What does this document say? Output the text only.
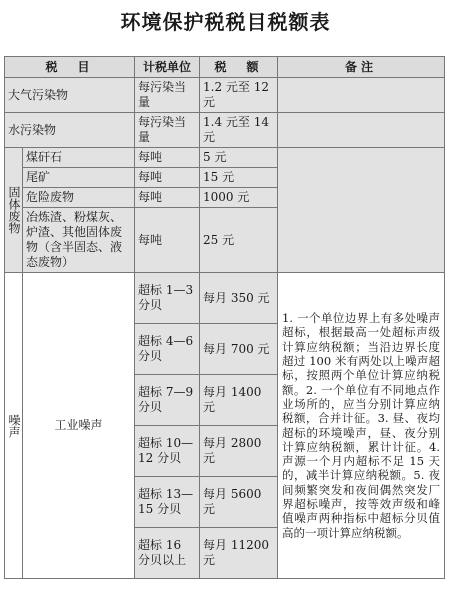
环境保护税税目税额表
税　目		计税单位	税　额	备注
大气污染物		每污染当量	1.2 元至 12 元	
水污染物		每污染当量	1.4 元至 14 元	
固体废物	煤矸石	每吨	5 元	
	尾矿	每吨	15 元	
	危险废物	每吨	1000 元	
	冶炼渣、粉煤灰、炉渣、其他固体废物（含半固态、液态废物）	每吨	25 元	
噪声	工业噪声	超标 1—3 分贝	每月 350 元	1. 一个单位边界上有多处噪声超标，根据最高一处超标声级计算应纳税额；当沿边界长度超过 100 米有两处以上噪声超标，按照两个单位计算应纳税额。2. 一个单位有不同地点作业场所的，应当分别计算应纳税额，合并计征。3. 昼、夜均超标的环境噪声，昼、夜分别计算应纳税额，累计计征。4. 声源一个月内超标不足 15 天的，减半计算应纳税额。5. 夜间频繁突发和夜间偶然突发厂界超标噪声，按等效声级和峰值噪声两种指标中超标分贝值高的一项计算应纳税额。
		超标 4—6 分贝	每月 700 元	
		超标 7—9 分贝	每月 1400 元	
		超标 10—12 分贝	每月 2800 元	
		超标 13—15 分贝	每月 5600 元	
		超标 16 分贝以上	每月 11200 元	
